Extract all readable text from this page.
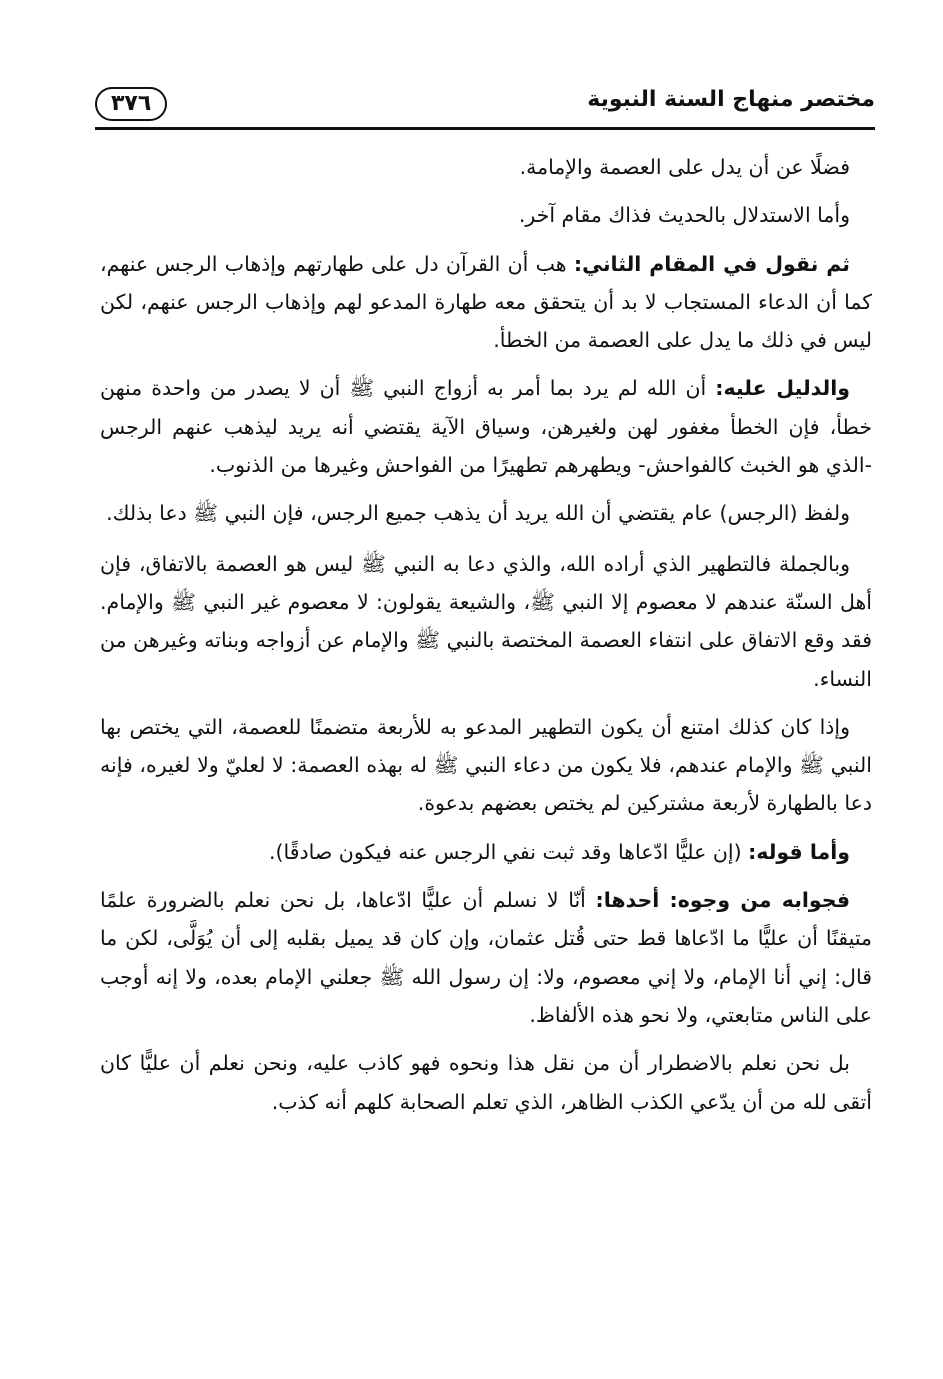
٣٧٦	مختصر منهاج السنة النبوية

فضلًا عن أن يدل على العصمة والإمامة.

وأما الاستدلال بالحديث فذاك مقام آخر.

ثم نقول في المقام الثاني: هب أن القرآن دل على طهارتهم وإذهاب الرجس عنهم، كما أن الدعاء المستجاب لا بد أن يتحقق معه طهارة المدعو لهم وإذهاب الرجس عنهم، لكن ليس في ذلك ما يدل على العصمة من الخطأ.

والدليل عليه: أن الله لم يرد بما أمر به أزواج النبي ﷺ أن لا يصدر من واحدة منهن خطأ، فإن الخطأ مغفور لهن ولغيرهن، وسياق الآية يقتضي أنه يريد ليذهب عنهم الرجس -الذي هو الخبث كالفواحش- ويطهرهم تطهيرًا من الفواحش وغيرها من الذنوب.

ولفظ (الرجس) عام يقتضي أن الله يريد أن يذهب جميع الرجس، فإن النبي ﷺ دعا بذلك.

وبالجملة فالتطهير الذي أراده الله، والذي دعا به النبي ﷺ ليس هو العصمة بالاتفاق، فإن أهل السنّة عندهم لا معصوم إلا النبي ﷺ، والشيعة يقولون: لا معصوم غير النبي ﷺ والإمام. فقد وقع الاتفاق على انتفاء العصمة المختصة بالنبي ﷺ والإمام عن أزواجه وبناته وغيرهن من النساء.

وإذا كان كذلك امتنع أن يكون التطهير المدعو به للأربعة متضمنًا للعصمة، التي يختص بها النبي ﷺ والإمام عندهم، فلا يكون من دعاء النبي ﷺ له بهذه العصمة: لا لعليّ ولا لغيره، فإنه دعا بالطهارة لأربعة مشتركين لم يختص بعضهم بدعوة.

وأما قوله: (إن عليًّا ادّعاها وقد ثبت نفي الرجس عنه فيكون صادقًا).

فجوابه من وجوه: أحدها: أنّا لا نسلم أن عليًّا ادّعاها، بل نحن نعلم بالضرورة علمًا متيقنًا أن عليًّا ما ادّعاها قط حتى قُتل عثمان، وإن كان قد يميل بقلبه إلى أن يُوَلَّى، لكن ما قال: إني أنا الإمام، ولا إني معصوم، ولا: إن رسول الله ﷺ جعلني الإمام بعده، ولا إنه أوجب على الناس متابعتي، ولا نحو هذه الألفاظ.

بل نحن نعلم بالاضطرار أن من نقل هذا ونحوه فهو كاذب عليه، ونحن نعلم أن عليًّا كان أتقى لله من أن يدّعي الكذب الظاهر، الذي تعلم الصحابة كلهم أنه كذب.
